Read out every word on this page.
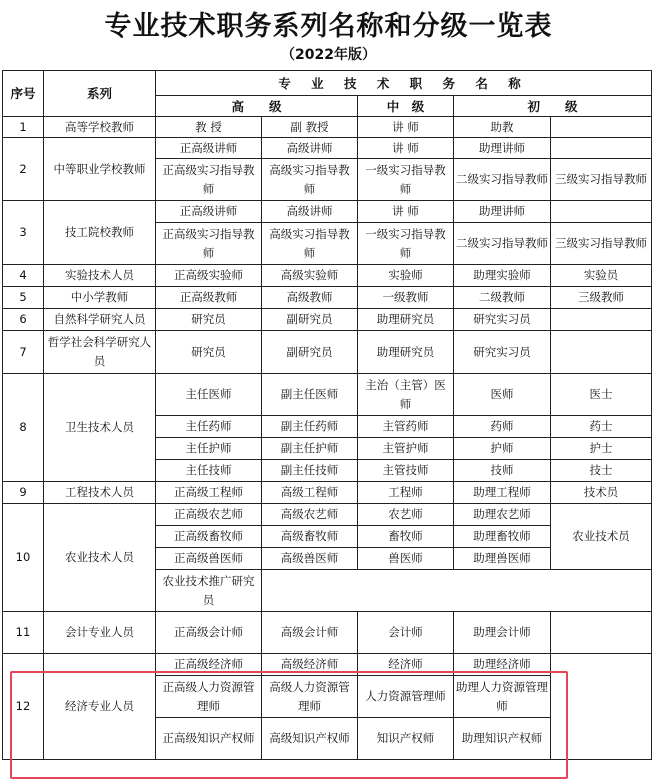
专业技术职务系列名称和分级一览表
（2022年版）
序号	系列	专 业 技 术 职 务 名 称				
		高　　级		中　级	初　　级	
1	高等学校教师	教 授	副 教授	讲 师	助教	
2	中等职业学校教师	正高级讲师	高级讲师	讲 师	助理讲师	
		正高级实习指导教师	高级实习指导教师	一级实习指导教师	二级实习指导教师	三级实习指导教师
3	技工院校教师	正高级讲师	高级讲师	讲 师	助理讲师	
		正高级实习指导教师	高级实习指导教师	一级实习指导教师	二级实习指导教师	三级实习指导教师
4	实验技术人员	正高级实验师	高级实验师	实验师	助理实验师	实验员
5	中小学教师	正高级教师	高级教师	一级教师	二级教师	三级教师
6	自然科学研究人员	研究员	副研究员	助理研究员	研究实习员	
7	哲学社会科学研究人员	研究员	副研究员	助理研究员	研究实习员	
8	卫生技术人员	主任医师	副主任医师	主治（主管）医师	医师	医士
		主任药师	副主任药师	主管药师	药师	药士
		主任护师	副主任护师	主管护师	护师	护士
		主任技师	副主任技师	主管技师	技师	技士
9	工程技术人员	正高级工程师	高级工程师	工程师	助理工程师	技术员
10	农业技术人员	正高级农艺师	高级农艺师	农艺师	助理农艺师	农业技术员
		正高级畜牧师	高级畜牧师	畜牧师	助理畜牧师	
		正高级兽医师	高级兽医师	兽医师	助理兽医师	
		农业技术推广研究员				
11	会计专业人员	正高级会计师	高级会计师	会计师	助理会计师	
12	经济专业人员	正高级经济师	高级经济师	经济师	助理经济师	
		正高级人力资源管理师	高级人力资源管理师	人力资源管理师	助理人力资源管理师	
		正高级知识产权师	高级知识产权师	知识产权师	助理知识产权师	
